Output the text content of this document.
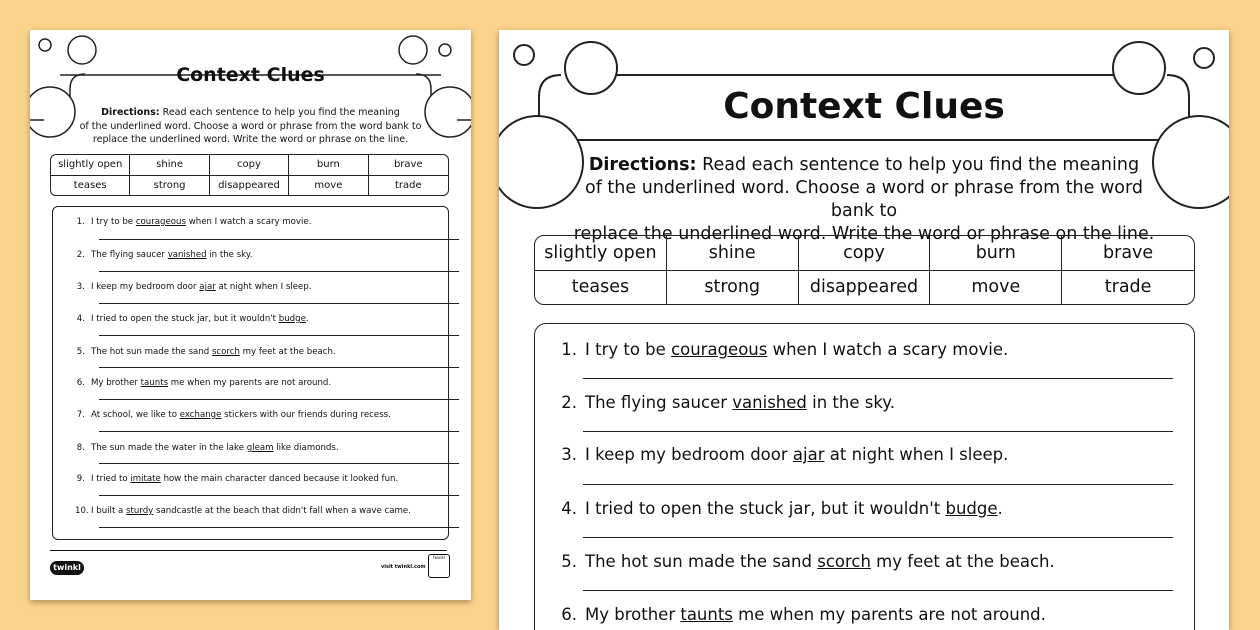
Context Clues
Directions: Read each sentence to help you find the meaning
of the underlined word. Choose a word or phrase from the word bank to
replace the underlined word. Write the word or phrase on the line.
slightly open	shine	copy	burn	brave
teases	strong	disappeared	move	trade
1. I try to be courageous when I watch a scary movie.
2. The flying saucer vanished in the sky.
3. I keep my bedroom door ajar at night when I sleep.
4. I tried to open the stuck jar, but it wouldn't budge.
5. The hot sun made the sand scorch my feet at the beach.
6. My brother taunts me when my parents are not around.
7. At school, we like to exchange stickers with our friends during recess.
8. The sun made the water in the lake gleam like diamonds.
9. I tried to imitate how the main character danced because it looked fun.
10. I built a sturdy sandcastle at the beach that didn't fall when a wave came.
twinkl	visit twinkl.com
twinkl
Context Clues
Directions: Read each sentence to help you find the meaning
of the underlined word. Choose a word or phrase from the word bank to
replace the underlined word. Write the word or phrase on the line.
slightly open	shine	copy	burn	brave
teases	strong	disappeared	move	trade
1. I try to be courageous when I watch a scary movie.
2. The flying saucer vanished in the sky.
3. I keep my bedroom door ajar at night when I sleep.
4. I tried to open the stuck jar, but it wouldn't budge.
5. The hot sun made the sand scorch my feet at the beach.
6. My brother taunts me when my parents are not around.
